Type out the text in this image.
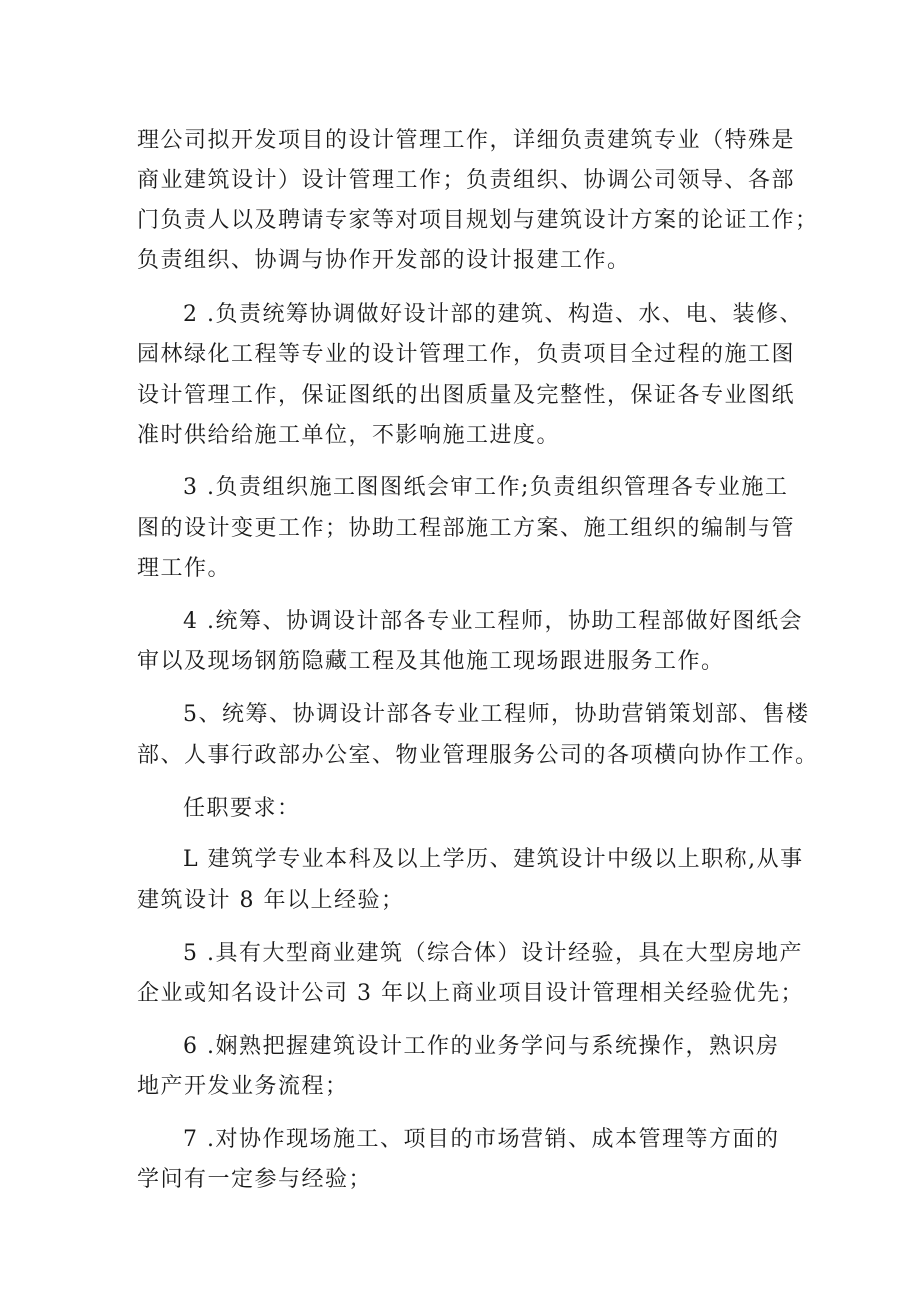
理公司拟开发项目的设计管理工作，详细负责建筑专业（特殊是
商业建筑设计）设计管理工作；负责组织、协调公司领导、各部
门负责人以及聘请专家等对项目规划与建筑设计方案的论证工作；
负责组织、协调与协作开发部的设计报建工作。
2 .负责统筹协调做好设计部的建筑、构造、水、电、装修、
园林绿化工程等专业的设计管理工作，负责项目全过程的施工图
设计管理工作，保证图纸的出图质量及完整性，保证各专业图纸
准时供给给施工单位，不影响施工进度。
3 .负责组织施工图图纸会审工作;负责组织管理各专业施工
图的设计变更工作；协助工程部施工方案、施工组织的编制与管
理工作。
4 .统筹、协调设计部各专业工程师，协助工程部做好图纸会
审以及现场钢筋隐藏工程及其他施工现场跟进服务工作。
5、统筹、协调设计部各专业工程师，协助营销策划部、售楼
部、人事行政部办公室、物业管理服务公司的各项横向协作工作。
任职要求：
L 建筑学专业本科及以上学历、建筑设计中级以上职称,从事
建筑设计 8 年以上经验；
5 .具有大型商业建筑（综合体）设计经验，具在大型房地产
企业或知名设计公司 3 年以上商业项目设计管理相关经验优先；
6 .娴熟把握建筑设计工作的业务学问与系统操作，熟识房
地产开发业务流程；
7 .对协作现场施工、项目的市场营销、成本管理等方面的
学问有一定参与经验；
